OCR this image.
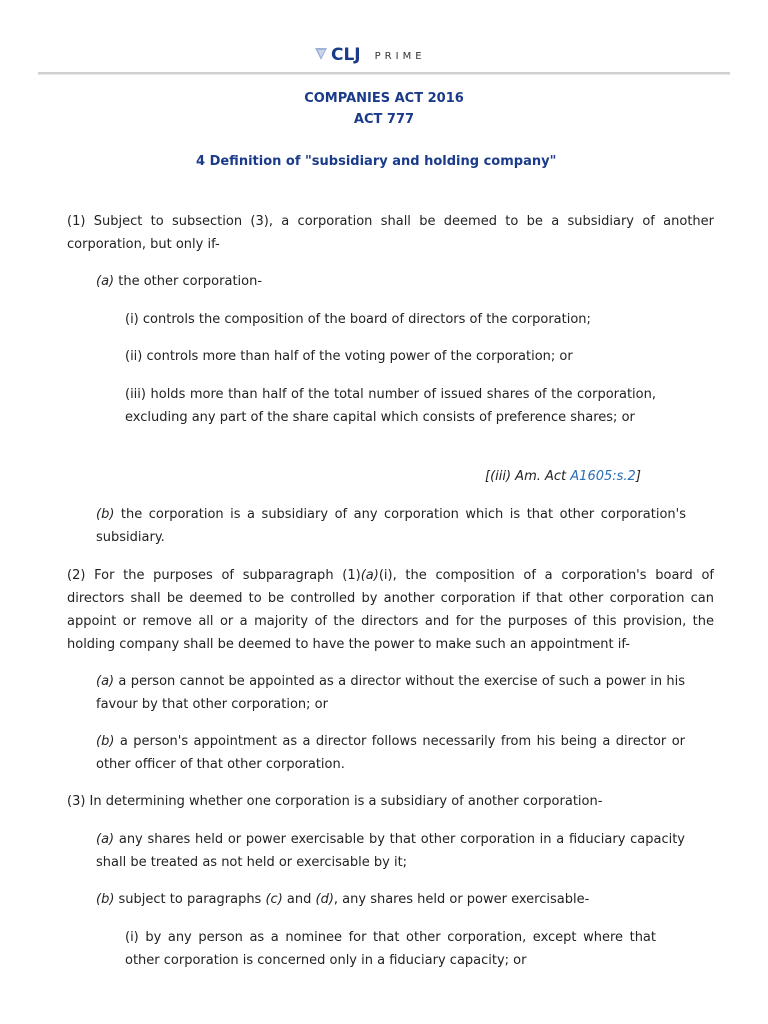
CLJ PRIME
COMPANIES ACT 2016
ACT 777
4 Definition of "subsidiary and holding company"
(1) Subject to subsection (3), a corporation shall be deemed to be a subsidiary of another corporation, but only if-
(a) the other corporation-
(i) controls the composition of the board of directors of the corporation;
(ii) controls more than half of the voting power of the corporation; or
(iii) holds more than half of the total number of issued shares of the corporation, excluding any part of the share capital which consists of preference shares; or
[(iii) Am. Act A1605:s.2]
(b) the corporation is a subsidiary of any corporation which is that other corporation's subsidiary.
(2) For the purposes of subparagraph (1)(a)(i), the composition of a corporation's board of directors shall be deemed to be controlled by another corporation if that other corporation can appoint or remove all or a majority of the directors and for the purposes of this provision, the holding company shall be deemed to have the power to make such an appointment if-
(a) a person cannot be appointed as a director without the exercise of such a power in his favour by that other corporation; or
(b) a person's appointment as a director follows necessarily from his being a director or other officer of that other corporation.
(3) In determining whether one corporation is a subsidiary of another corporation-
(a) any shares held or power exercisable by that other corporation in a fiduciary capacity shall be treated as not held or exercisable by it;
(b) subject to paragraphs (c) and (d), any shares held or power exercisable-
(i) by any person as a nominee for that other corporation, except where that other corporation is concerned only in a fiduciary capacity; or
